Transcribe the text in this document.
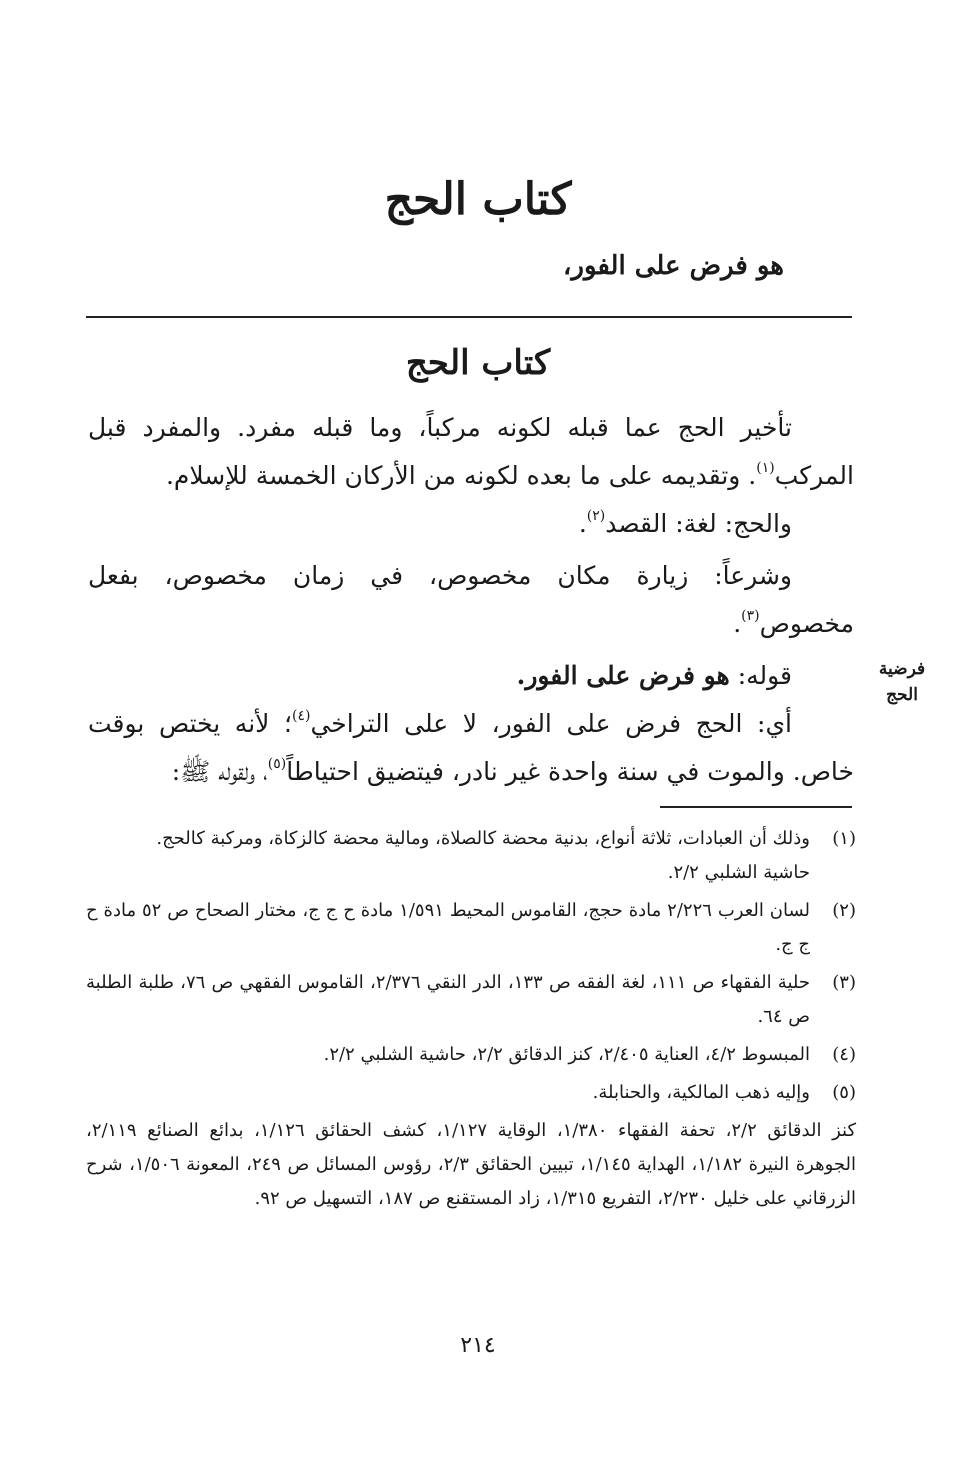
كتاب الحج
هو فرض على الفور،
كتاب الحج

تأخير الحج عما قبله لكونه مركباً، وما قبله مفرد. والمفرد قبل المركب$^{(١)}$. وتقديمه على ما بعده لكونه من الأركان الخمسة للإسلام.

والحج: لغة: القصد$^{(٢)}$.

وشرعاً: زيارة مكان مخصوص، في زمان مخصوص، بفعل مخصوص$^{(٣)}$.

قوله: هو فرض على الفور.

أي: الحج فرض على الفور، لا على التراخي$^{(٤)}$؛ لأنه يختص بوقت خاص. والموت في سنة واحدة غير نادر، فيتضيق احتياطاً$^{(٥)}$، ولقوله ﷺ:

فرضية
الحج
(١)

وذلك أن العبادات، ثلاثة أنواع، بدنية محضة كالصلاة، ومالية محضة كالزكاة، ومركبة كالحج.

حاشية الشلبي ٢/٢.

(٢)

لسان العرب ٢/٢٢٦ مادة حجج، القاموس المحيط ١/٥٩١ مادة ح ج ج، مختار الصحاح ص ٥٢ مادة ح ج ج.

(٣)

حلية الفقهاء ص ١١١، لغة الفقه ص ١٣٣، الدر النقي ٢/٣٧٦، القاموس الفقهي ص ٧٦، طلبة الطلبة ص ٦٤.

(٤)

المبسوط ٤/٢، العناية ٢/٤٠٥، كنز الدقائق ٢/٢، حاشية الشلبي ٢/٢.

(٥)

وإليه ذهب المالكية، والحنابلة.

كنز الدقائق ٢/٢، تحفة الفقهاء ١/٣٨٠، الوقاية ١/١٢٧، كشف الحقائق ١/١٢٦، بدائع الصنائع ٢/١١٩، الجوهرة النيرة ١/١٨٢، الهداية ١/١٤٥، تبيين الحقائق ٢/٣، رؤوس المسائل ص ٢٤٩، المعونة ١/٥٠٦، شرح الزرقاني على خليل ٢/٢٣٠، التفريع ١/٣١٥، زاد المستقنع ص ١٨٧، التسهيل ص ٩٢.

٢١٤
